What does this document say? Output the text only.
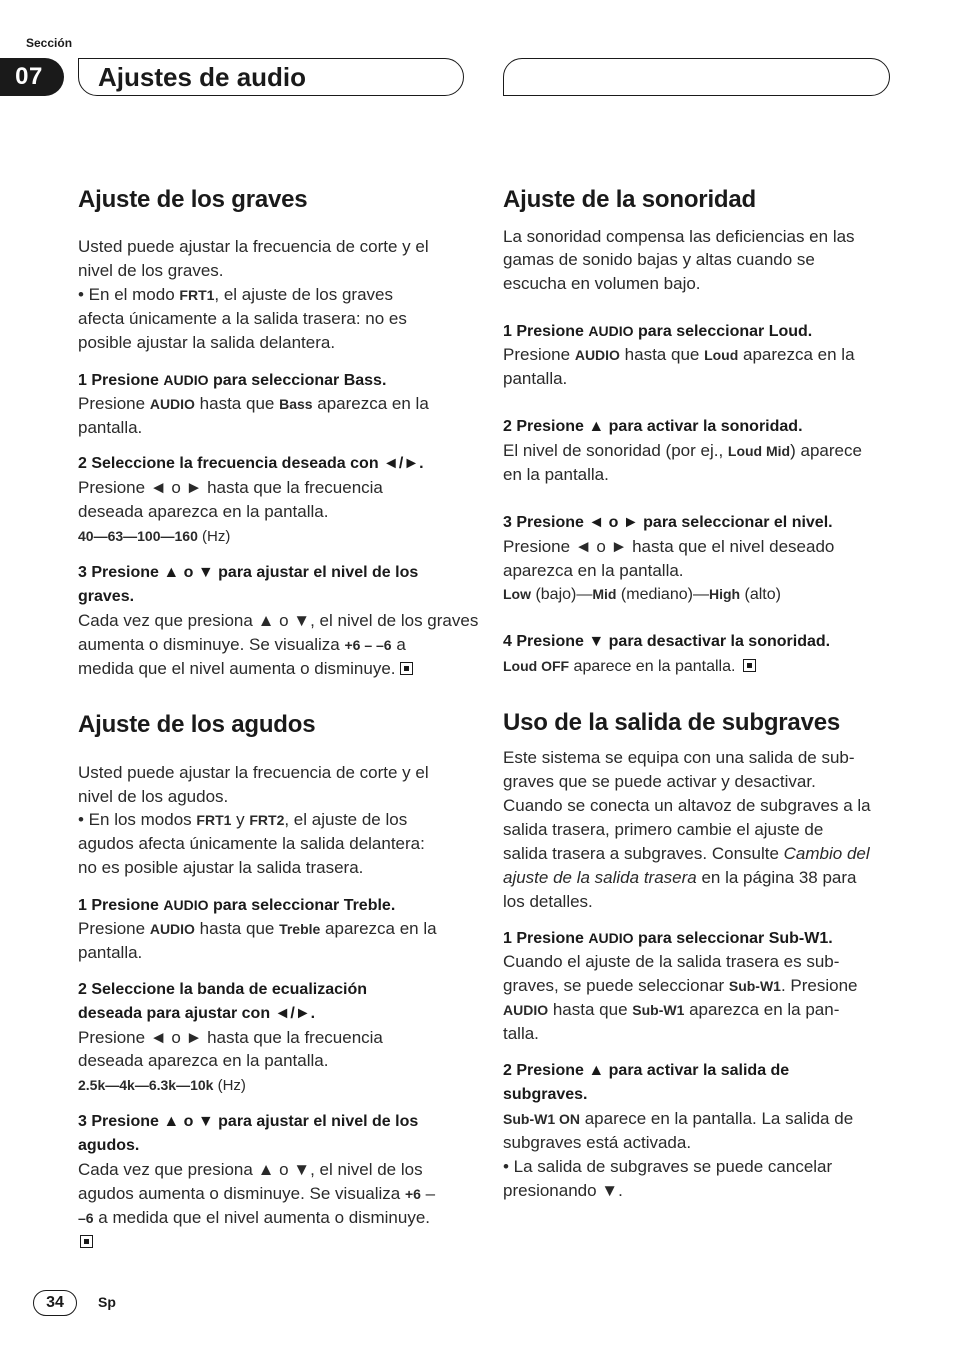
Sección
07	Ajustes de audio
Ajuste de los graves
Usted puede ajustar la frecuencia de corte y el
nivel de los graves.
• En el modo FRT1, el ajuste de los graves
afecta únicamente a la salida trasera: no es
posible ajustar la salida delantera.
1 Presione AUDIO para seleccionar Bass.
Presione AUDIO hasta que Bass aparezca en la
pantalla.
2 Seleccione la frecuencia deseada con ◄/►.
Presione ◄ o ► hasta que la frecuencia
deseada aparezca en la pantalla.
40—63—100—160 (Hz)
3 Presione ▲ o ▼ para ajustar el nivel de los
graves.
Cada vez que presiona ▲ o ▼, el nivel de los graves
aumenta o disminuye. Se visualiza +6 – –6 a
medida que el nivel aumenta o disminuye.
Ajuste de los agudos
Usted puede ajustar la frecuencia de corte y el
nivel de los agudos.
• En los modos FRT1 y FRT2, el ajuste de los
agudos afecta únicamente la salida delantera:
no es posible ajustar la salida trasera.
1 Presione AUDIO para seleccionar Treble.
Presione AUDIO hasta que Treble aparezca en la
pantalla.
2 Seleccione la banda de ecualización
deseada para ajustar con ◄/►.
Presione ◄ o ► hasta que la frecuencia
deseada aparezca en la pantalla.
2.5k—4k—6.3k—10k (Hz)
3 Presione ▲ o ▼ para ajustar el nivel de los
agudos.
Cada vez que presiona ▲ o ▼, el nivel de los
agudos aumenta o disminuye. Se visualiza +6 –
–6 a medida que el nivel aumenta o disminuye.
Ajuste de la sonoridad
La sonoridad compensa las deficiencias en las
gamas de sonido bajas y altas cuando se
escucha en volumen bajo.
1 Presione AUDIO para seleccionar Loud.
Presione AUDIO hasta que Loud aparezca en la
pantalla.
2 Presione ▲ para activar la sonoridad.
El nivel de sonoridad (por ej., Loud Mid) aparece
en la pantalla.
3 Presione ◄ o ► para seleccionar el nivel.
Presione ◄ o ► hasta que el nivel deseado
aparezca en la pantalla.
Low (bajo)—Mid (mediano)—High (alto)
4 Presione ▼ para desactivar la sonoridad.
Loud OFF aparece en la pantalla.
Uso de la salida de subgraves
Este sistema se equipa con una salida de sub-
graves que se puede activar y desactivar.
Cuando se conecta un altavoz de subgraves a la
salida trasera, primero cambie el ajuste de
salida trasera a subgraves. Consulte Cambio del
ajuste de la salida trasera en la página 38 para
los detalles.
1 Presione AUDIO para seleccionar Sub-W1.
Cuando el ajuste de la salida trasera es sub-
graves, se puede seleccionar Sub-W1. Presione
AUDIO hasta que Sub-W1 aparezca en la pan-
talla.
2 Presione ▲ para activar la salida de
subgraves.
Sub-W1 ON aparece en la pantalla. La salida de
subgraves está activada.
• La salida de subgraves se puede cancelar
presionando ▼.
34	Sp
